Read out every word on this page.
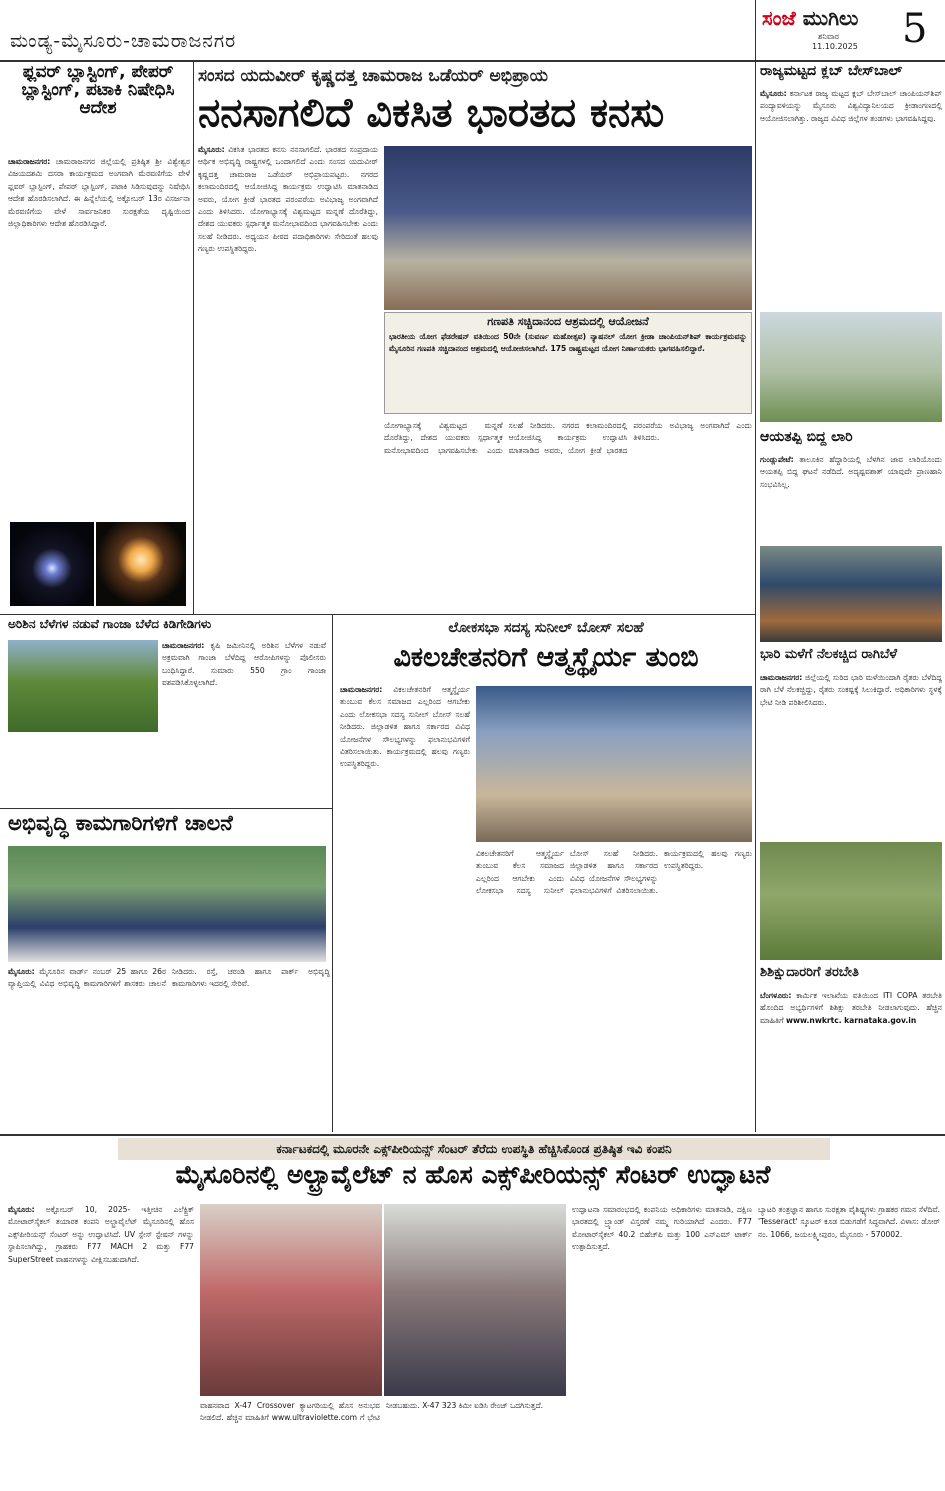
ಮಂಡ್ಯ-ಮೈಸೂರು-ಚಾಮರಾಜನಗರ
ಸಂಜೆ ಮುಗಿಲು
ಶನಿವಾರ
11.10.2025	5
ಫ್ಲವರ್ ಬ್ಲಾಸ್ಟಿಂಗ್, ಪೇಪರ್ ಬ್ಲಾಸ್ಟಿಂಗ್, ಪಟಾಕಿ ನಿಷೇಧಿಸಿ ಆದೇಶ
ಚಾಮರಾಜನಗರ: ಚಾಮರಾಜನಗರ ಜಿಲ್ಲೆಯಲ್ಲಿ ಪ್ರತಿಷ್ಠಿತ ಶ್ರೀ ವಿಶ್ವೇಶ್ವರ ವಿಜಯದಶಮಿ ದಸರಾ ಕಾರ್ಯಕ್ರಮದ ಅಂಗವಾಗಿ ಮೆರವಣಿಗೆಯ ವೇಳೆ ಫ್ಲವರ್ ಬ್ಲಾಸ್ಟಿಂಗ್, ಪೇಪರ್ ಬ್ಲಾಸ್ಟಿಂಗ್, ಪಟಾಕಿ ಸಿಡಿಸುವುದನ್ನು ನಿಷೇಧಿಸಿ ಆದೇಶ ಹೊರಡಿಸಲಾಗಿದೆ. ಈ ಹಿನ್ನೆಲೆಯಲ್ಲಿ ಅಕ್ಟೋಬರ್ 13ರ ವಿಸರ್ಜನಾ ಮೆರವಣಿಗೆಯ ವೇಳೆ ಸಾರ್ವಜನಿಕರ ಸುರಕ್ಷತೆಯ ದೃಷ್ಟಿಯಿಂದ ಜಿಲ್ಲಾಧಿಕಾರಿಗಳು ಆದೇಶ ಹೊರಡಿಸಿದ್ದಾರೆ.
ಸಂಸದ ಯದುವೀರ್ ಕೃಷ್ಣದತ್ತ ಚಾಮರಾಜ ಒಡೆಯರ್ ಅಭಿಪ್ರಾಯ
ನನಸಾಗಲಿದೆ ವಿಕಸಿತ ಭಾರತದ ಕನಸು
ಮೈಸೂರು: ವಿಕಸಿತ ಭಾರತದ ಕನಸು ನನಸಾಗಲಿದೆ. ಭಾರತದ ಸಂಪ್ರದಾಯ ಆರ್ಥಿಕ ಅಭಿವೃದ್ಧಿ ರಾಷ್ಟ್ರಗಳಲ್ಲಿ ಒಂದಾಗಲಿದೆ ಎಂದು ಸಂಸದ ಯದುವೀರ್ ಕೃಷ್ಣದತ್ತ ಚಾಮರಾಜ ಒಡೆಯರ್ ಅಭಿಪ್ರಾಯಪಟ್ಟರು. ನಗರದ ಕಲಾಮಂದಿರದಲ್ಲಿ ಆಯೋಜಿಸಿದ್ದ ಕಾರ್ಯಕ್ರಮ ಉದ್ಘಾಟಿಸಿ ಮಾತನಾಡಿದ ಅವರು, ಯೋಗ ಕ್ರೀಡೆ ಭಾರತದ ಪರಂಪರೆಯ ಅವಿಭಾಜ್ಯ ಅಂಗವಾಗಿದೆ ಎಂದು ತಿಳಿಸಿದರು. ಯೋಗಾಭ್ಯಾಸಕ್ಕೆ ವಿಶ್ವಮಟ್ಟದ ಮನ್ನಣೆ ದೊರೆತಿದ್ದು, ದೇಶದ ಯುವಕರು ಸ್ಪರ್ಧಾತ್ಮಕ ಮನೋಭಾವದಿಂದ ಭಾಗವಹಿಸಬೇಕು ಎಂದು ಸಲಹೆ ನೀಡಿದರು. ಅಧ್ಯಯನ ಪೀಠದ ಪದಾಧಿಕಾರಿಗಳು ಸೇರಿದಂತೆ ಹಲವು ಗಣ್ಯರು ಉಪಸ್ಥಿತರಿದ್ದರು.
ಗಣಪತಿ ಸಚ್ಚಿದಾನಂದ ಆಶ್ರಮದಲ್ಲಿ ಆಯೋಜನೆ
ಭಾರತೀಯ ಯೋಗ ಫೆಡರೇಷನ್ ವತಿಯಿಂದ 50ನೇ (ಸುವರ್ಣ ಮಹೋತ್ಸವ) ನ್ಯಾಷನಲ್ ಯೋಗ ಕ್ರೀಡಾ ಚಾಂಪಿಯನ್‌ಶಿಪ್ ಕಾರ್ಯಕ್ರಮವನ್ನು ಮೈಸೂರಿನ ಗಣಪತಿ ಸಚ್ಚಿದಾನಂದ ಆಶ್ರಮದಲ್ಲಿ ಆಯೋಜಿಸಲಾಗಿದೆ. 175 ರಾಷ್ಟ್ರಮಟ್ಟದ ಯೋಗ ನಿರ್ಣಾಯಕರು ಭಾಗವಹಿಸಲಿದ್ದಾರೆ.
ಯೋಗಾಭ್ಯಾಸಕ್ಕೆ ವಿಶ್ವಮಟ್ಟದ ಮನ್ನಣೆ ದೊರೆತಿದ್ದು, ದೇಶದ ಯುವಕರು ಸ್ಪರ್ಧಾತ್ಮಕ ಮನೋಭಾವದಿಂದ ಭಾಗವಹಿಸಬೇಕು ಎಂದು ಸಲಹೆ ನೀಡಿದರು. ನಗರದ ಕಲಾಮಂದಿರದಲ್ಲಿ ಆಯೋಜಿಸಿದ್ದ ಕಾರ್ಯಕ್ರಮ ಉದ್ಘಾಟಿಸಿ ಮಾತನಾಡಿದ ಅವರು, ಯೋಗ ಕ್ರೀಡೆ ಭಾರತದ ಪರಂಪರೆಯ ಅವಿಭಾಜ್ಯ ಅಂಗವಾಗಿದೆ ಎಂದು ತಿಳಿಸಿದರು.
ರಾಜ್ಯಮಟ್ಟದ ಕ್ಲಬ್ ಬೇಸ್‌ಬಾಲ್
ಮೈಸೂರು: ಕರ್ನಾಟಕ ರಾಜ್ಯ ಮಟ್ಟದ ಕ್ಲಬ್ ಬೇಸ್‌ಬಾಲ್ ಚಾಂಪಿಯನ್‌ಶಿಪ್ ಪಂದ್ಯಾವಳಿಯನ್ನು ಮೈಸೂರು ವಿಶ್ವವಿದ್ಯಾನಿಲಯದ ಕ್ರೀಡಾಂಗಣದಲ್ಲಿ ಆಯೋಜಿಸಲಾಗಿತ್ತು. ರಾಜ್ಯದ ವಿವಿಧ ಜಿಲ್ಲೆಗಳ ತಂಡಗಳು ಭಾಗವಹಿಸಿದ್ದವು.
ಆಯತಪ್ಪಿ ಬಿದ್ದ ಲಾರಿ
ಗುಂಡ್ಲುಪೇಟೆ: ತಾಲೂಕಿನ ಹೆದ್ದಾರಿಯಲ್ಲಿ ಬೆಳಗಿನ ಜಾವ ಲಾರಿಯೊಂದು ಆಯತಪ್ಪಿ ಬಿದ್ದ ಘಟನೆ ನಡೆದಿದೆ. ಅದೃಷ್ಟವಶಾತ್ ಯಾವುದೇ ಪ್ರಾಣಹಾನಿ ಸಂಭವಿಸಿಲ್ಲ.
ಭಾರಿ ಮಳೆಗೆ ನೆಲಕಚ್ಚಿದ ರಾಗಿಬೆಳೆ
ಚಾಮರಾಜನಗರ: ಜಿಲ್ಲೆಯಲ್ಲಿ ಸುರಿದ ಭಾರಿ ಮಳೆಯಿಂದಾಗಿ ರೈತರು ಬೆಳೆದಿದ್ದ ರಾಗಿ ಬೆಳೆ ನೆಲಕಚ್ಚಿದ್ದು, ರೈತರು ಸಂಕಷ್ಟಕ್ಕೆ ಸಿಲುಕಿದ್ದಾರೆ. ಅಧಿಕಾರಿಗಳು ಸ್ಥಳಕ್ಕೆ ಭೇಟಿ ನೀಡಿ ಪರಿಶೀಲಿಸಿದರು.
ಶಿಶಿಕ್ಷುದಾರರಿಗೆ ತರಬೇತಿ
ಬೆಂಗಳೂರು: ಕಾರ್ಮಿಕ ಇಲಾಖೆಯ ವತಿಯಿಂದ ITI COPA ತರಬೇತಿ ಹೊಂದಿದ ಅಭ್ಯರ್ಥಿಗಳಿಗೆ ಶಿಶಿಕ್ಷು ತರಬೇತಿ ನೀಡಲಾಗುವುದು. ಹೆಚ್ಚಿನ ಮಾಹಿತಿಗೆ www.nwkrtc. karnataka.gov.in
ಅರಿಶಿನ ಬೆಳೆಗಳ ನಡುವೆ ಗಾಂಜಾ ಬೆಳೆದ ಕಿಡಿಗೇಡಿಗಳು
ಚಾಮರಾಜನಗರ: ಕೃಷಿ ಜಮೀನಿನಲ್ಲಿ ಅರಿಶಿನ ಬೆಳೆಗಳ ನಡುವೆ ಅಕ್ರಮವಾಗಿ ಗಾಂಜಾ ಬೆಳೆದಿದ್ದ ಆರೋಪಿಗಳನ್ನು ಪೊಲೀಸರು ಬಂಧಿಸಿದ್ದಾರೆ. ಸುಮಾರು 550 ಗ್ರಾಂ ಗಾಂಜಾ ವಶಪಡಿಸಿಕೊಳ್ಳಲಾಗಿದೆ.
ಅಭಿವೃದ್ಧಿ ಕಾಮಗಾರಿಗಳಿಗೆ ಚಾಲನೆ
ಮೈಸೂರು: ಮೈಸೂರಿನ ವಾರ್ಡ್ ನಂಬರ್ 25 ಹಾಗೂ 26ರ ವ್ಯಾಪ್ತಿಯಲ್ಲಿ ವಿವಿಧ ಅಭಿವೃದ್ಧಿ ಕಾಮಗಾರಿಗಳಿಗೆ ಶಾಸಕರು ಚಾಲನೆ ನೀಡಿದರು. ರಸ್ತೆ, ಚರಂಡಿ ಹಾಗೂ ಪಾರ್ಕ್ ಅಭಿವೃದ್ಧಿ ಕಾಮಗಾರಿಗಳು ಇದರಲ್ಲಿ ಸೇರಿವೆ.
ಲೋಕಸಭಾ ಸದಸ್ಯ ಸುನೀಲ್ ಬೋಸ್ ಸಲಹೆ
ವಿಕಲಚೇತನರಿಗೆ ಆತ್ಮಸ್ಥೈರ್ಯ ತುಂಬಿ
ಚಾಮರಾಜನಗರ: ವಿಕಲಚೇತನರಿಗೆ ಆತ್ಮಸ್ಥೈರ್ಯ ತುಂಬುವ ಕೆಲಸ ಸಮಾಜದ ಎಲ್ಲರಿಂದ ಆಗಬೇಕು ಎಂದು ಲೋಕಸಭಾ ಸದಸ್ಯ ಸುನೀಲ್ ಬೋಸ್ ಸಲಹೆ ನೀಡಿದರು. ಜಿಲ್ಲಾಡಳಿತ ಹಾಗೂ ಸರ್ಕಾರದ ವಿವಿಧ ಯೋಜನೆಗಳ ಸೌಲಭ್ಯಗಳನ್ನು ಫಲಾನುಭವಿಗಳಿಗೆ ವಿತರಿಸಲಾಯಿತು. ಕಾರ್ಯಕ್ರಮದಲ್ಲಿ ಹಲವು ಗಣ್ಯರು ಉಪಸ್ಥಿತರಿದ್ದರು.
ವಿಕಲಚೇತನರಿಗೆ ಆತ್ಮಸ್ಥೈರ್ಯ ತುಂಬುವ ಕೆಲಸ ಸಮಾಜದ ಎಲ್ಲರಿಂದ ಆಗಬೇಕು ಎಂದು ಲೋಕಸಭಾ ಸದಸ್ಯ ಸುನೀಲ್ ಬೋಸ್ ಸಲಹೆ ನೀಡಿದರು. ಜಿಲ್ಲಾಡಳಿತ ಹಾಗೂ ಸರ್ಕಾರದ ವಿವಿಧ ಯೋಜನೆಗಳ ಸೌಲಭ್ಯಗಳನ್ನು ಫಲಾನುಭವಿಗಳಿಗೆ ವಿತರಿಸಲಾಯಿತು. ಕಾರ್ಯಕ್ರಮದಲ್ಲಿ ಹಲವು ಗಣ್ಯರು ಉಪಸ್ಥಿತರಿದ್ದರು.
ಕರ್ನಾಟಕದಲ್ಲಿ ಮೂರನೇ ಎಕ್ಸ್‌ಪೀರಿಯನ್ಸ್ ಸೆಂಟರ್ ತೆರೆದು ಉಪಸ್ಥಿತಿ ಹೆಚ್ಚಿಸಿಕೊಂಡ ಪ್ರತಿಷ್ಠಿತ ಇವಿ ಕಂಪನಿ
ಮೈಸೂರಿನಲ್ಲಿ ಅಲ್ಟ್ರಾವೈಲೆಟ್ ನ ಹೊಸ ಎಕ್ಸ್‌ಪೀರಿಯನ್ಸ್ ಸೆಂಟರ್ ಉದ್ಘಾಟನೆ
ಮೈಸೂರು: ಅಕ್ಟೋಬರ್ 10, 2025- ಇತ್ತೀಚಿನ ಎಲೆಕ್ಟ್ರಿಕ್ ಮೋಟಾರ್‌ಸೈಕಲ್ ತಯಾರಕ ಕಂಪನಿ ಅಲ್ಟ್ರಾವೈಲೆಟ್ ಮೈಸೂರಿನಲ್ಲಿ ಹೊಸ ಎಕ್ಸ್‌ಪೀರಿಯನ್ಸ್ ಸೆಂಟರ್ ಅನ್ನು ಉದ್ಘಾಟಿಸಿದೆ. UV ಸ್ಪೇಸ್ ಸ್ಟೇಷನ್ ಗಳನ್ನು ಸ್ಥಾಪಿಸಲಾಗಿದ್ದು, ಗ್ರಾಹಕರು F77 MACH 2 ಮತ್ತು F77 SuperStreet ವಾಹನಗಳನ್ನು ವೀಕ್ಷಿಸಬಹುದಾಗಿದೆ.
ವಾಹನವಾದ X-47 Crossover ಕ್ಯಾಟಗರಿಯಲ್ಲಿ ಹೊಸ ಅನುಭವ ನೀಡಲಿದೆ. ಹೆಚ್ಚಿನ ಮಾಹಿತಿಗೆ www.ultraviolette.com ಗೆ ಭೇಟಿ ನೀಡಬಹುದು. X-47 323 ಕಿಮೀ ಐಡಿಸಿ ರೇಂಜ್ ಒದಗಿಸುತ್ತದೆ.
ಉದ್ಘಾಟನಾ ಸಮಾರಂಭದಲ್ಲಿ ಕಂಪನಿಯ ಅಧಿಕಾರಿಗಳು ಮಾತನಾಡಿ, ದಕ್ಷಿಣ ಭಾರತದಲ್ಲಿ ಬ್ರ್ಯಾಂಡ್ ವಿಸ್ತರಣೆ ನಮ್ಮ ಗುರಿಯಾಗಿದೆ ಎಂದರು. F77 ಮೋಟಾರ್‌ಸೈಕಲ್ 40.2 ಬಿಹೆಚ್‌ಪಿ ಮತ್ತು 100 ಎನ್‌ಎಮ್ ಟಾರ್ಕ್ ಉತ್ಪಾದಿಸುತ್ತದೆ.
ಬ್ಯಾಟರಿ ತಂತ್ರಜ್ಞಾನ ಹಾಗೂ ಸುರಕ್ಷತಾ ವೈಶಿಷ್ಟ್ಯಗಳು ಗ್ರಾಹಕರ ಗಮನ ಸೆಳೆದಿವೆ. 'Tesseract' ಸ್ಕೂಟರ್ ಕೂಡ ಬಿಡುಗಡೆಗೆ ಸಿದ್ಧವಾಗಿದೆ. ವಿಳಾಸ: ಡೋರ್ ನಂ. 1066, ಜಯಲಕ್ಷ್ಮೀಪುರಂ, ಮೈಸೂರು - 570002.
